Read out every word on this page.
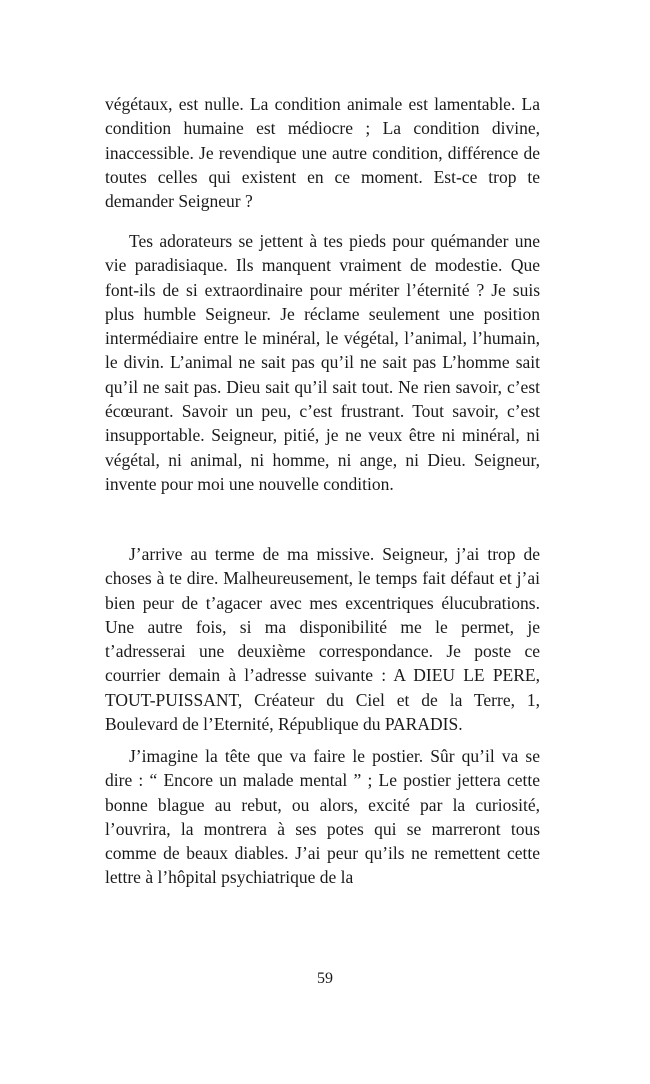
végétaux, est nulle. La condition animale est lamentable. La condition humaine est médiocre ; La condition divine, inaccessible. Je revendique une autre condition, différence de toutes celles qui existent en ce moment. Est-ce trop te demander Seigneur ?

Tes adorateurs se jettent à tes pieds pour quémander une vie paradisiaque. Ils manquent vraiment de modestie. Que font-ils de si extraordinaire pour mériter l’éternité ? Je suis plus humble Seigneur. Je réclame seulement une position intermédiaire entre le minéral, le végétal, l’animal, l’humain, le divin. L’animal ne sait pas qu’il ne sait pas L’homme sait qu’il ne sait pas. Dieu sait qu’il sait tout. Ne rien savoir, c’est écœurant. Savoir un peu, c’est frustrant. Tout savoir, c’est insupportable. Seigneur, pitié, je ne veux être ni minéral, ni végétal, ni animal, ni homme, ni ange, ni Dieu. Seigneur, invente pour moi une nouvelle condition.

J’arrive au terme de ma missive. Seigneur, j’ai trop de choses à te dire. Malheureusement, le temps fait défaut et j’ai bien peur de t’agacer avec mes excentriques élucubrations. Une autre fois, si ma disponibilité me le permet, je t’adresserai une deuxième correspondance. Je poste ce courrier demain à l’adresse suivante : A DIEU LE PERE, TOUT-PUISSANT, Créateur du Ciel et de la Terre, 1, Boulevard de l’Eternité, République du PARADIS.

J’imagine la tête que va faire le postier. Sûr qu’il va se dire : “ Encore un malade mental ” ; Le postier jettera cette bonne blague au rebut, ou alors, excité par la curiosité, l’ouvrira, la montrera à ses potes qui se marreront tous comme de beaux diables. J’ai peur qu’ils ne remettent cette lettre à l’hôpital psychiatrique de la

59
